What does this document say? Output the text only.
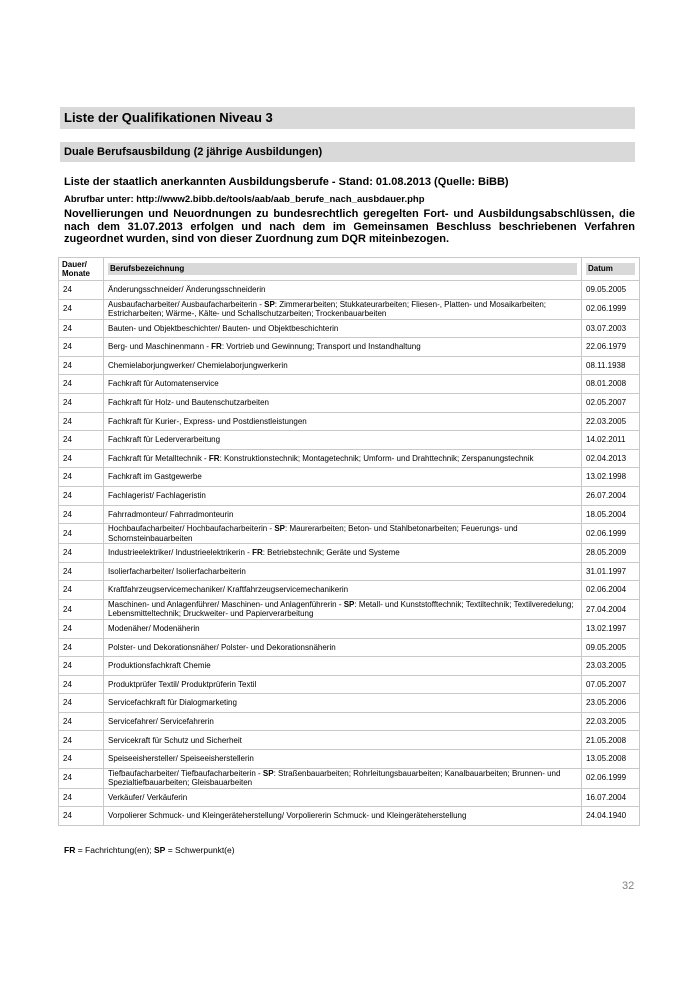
Liste der Qualifikationen Niveau 3
Duale Berufsausbildung (2 jährige Ausbildungen)
Liste der staatlich anerkannten Ausbildungsberufe - Stand: 01.08.2013 (Quelle: BiBB)
Abrufbar unter: http://www2.bibb.de/tools/aab/aab_berufe_nach_ausbdauer.php
Novellierungen und Neuordnungen zu bundesrechtlich geregelten Fort- und Ausbildungsabschlüssen, die nach dem 31.07.2013 erfolgen und nach dem im Gemeinsamen Beschluss beschriebenen Verfahren zugeordnet wurden, sind von dieser Zuordnung zum DQR miteinbezogen.
Dauer/ Monate	Berufsbezeichnung	Datum

24	Änderungsschneider/ Änderungsschneiderin	09.05.2005
24	Ausbaufacharbeiter/ Ausbaufacharbeiterin - SP: Zimmerarbeiten; Stukkateurarbeiten; Fliesen-, Platten- und Mosaikarbeiten; Estricharbeiten; Wärme-, Kälte- und Schallschutzarbeiten; Trockenbauarbeiten	02.06.1999
24	Bauten- und Objektbeschichter/ Bauten- und Objektbeschichterin	03.07.2003
24	Berg- und Maschinenmann - FR: Vortrieb und Gewinnung; Transport und Instandhaltung	22.06.1979
24	Chemielaborjungwerker/ Chemielaborjungwerkerin	08.11.1938
24	Fachkraft für Automatenservice	08.01.2008
24	Fachkraft für Holz- und Bautenschutzarbeiten	02.05.2007
24	Fachkraft für Kurier-, Express- und Postdienstleistungen	22.03.2005
24	Fachkraft für Lederverarbeitung	14.02.2011
24	Fachkraft für Metalltechnik - FR: Konstruktionstechnik; Montagetechnik; Umform- und Drahttechnik; Zerspanungstechnik	02.04.2013
24	Fachkraft im Gastgewerbe	13.02.1998
24	Fachlagerist/ Fachlageristin	26.07.2004
24	Fahrradmonteur/ Fahrradmonteurin	18.05.2004
24	Hochbaufacharbeiter/ Hochbaufacharbeiterin - SP: Maurerarbeiten; Beton- und Stahlbetonarbeiten; Feuerungs- und Schornsteinbauarbeiten	02.06.1999
24	Industrieelektriker/ Industrieelektrikerin - FR: Betriebstechnik; Geräte und Systeme	28.05.2009
24	Isolierfacharbeiter/ Isolierfacharbeiterin	31.01.1997
24	Kraftfahrzeugservicemechaniker/ Kraftfahrzeugservicemechanikerin	02.06.2004
24	Maschinen- und Anlagenführer/ Maschinen- und Anlagenführerin - SP: Metall- und Kunststofftechnik; Textiltechnik; Textilveredelung; Lebensmitteltechnik; Druckweiter- und Papierverarbeitung	27.04.2004
24	Modenäher/ Modenäherin	13.02.1997
24	Polster- und Dekorationsnäher/ Polster- und Dekorationsnäherin	09.05.2005
24	Produktionsfachkraft Chemie	23.03.2005
24	Produktprüfer Textil/ Produktprüferin Textil	07.05.2007
24	Servicefachkraft für Dialogmarketing	23.05.2006
24	Servicefahrer/ Servicefahrerin	22.03.2005
24	Servicekraft für Schutz und Sicherheit	21.05.2008
24	Speiseeishersteller/ Speiseeisherstellerin	13.05.2008
24	Tiefbaufacharbeiter/ Tiefbaufacharbeiterin - SP: Straßenbauarbeiten; Rohrleitungsbauarbeiten; Kanalbauarbeiten; Brunnen- und Spezialtiefbauarbeiten; Gleisbauarbeiten	02.06.1999
24	Verkäufer/ Verkäuferin	16.07.2004
24	Vorpolierer Schmuck- und Kleingeräteherstellung/ Vorpoliererin Schmuck- und Kleingeräteherstellung	24.04.1940
FR = Fachrichtung(en); SP = Schwerpunkt(e)
32
